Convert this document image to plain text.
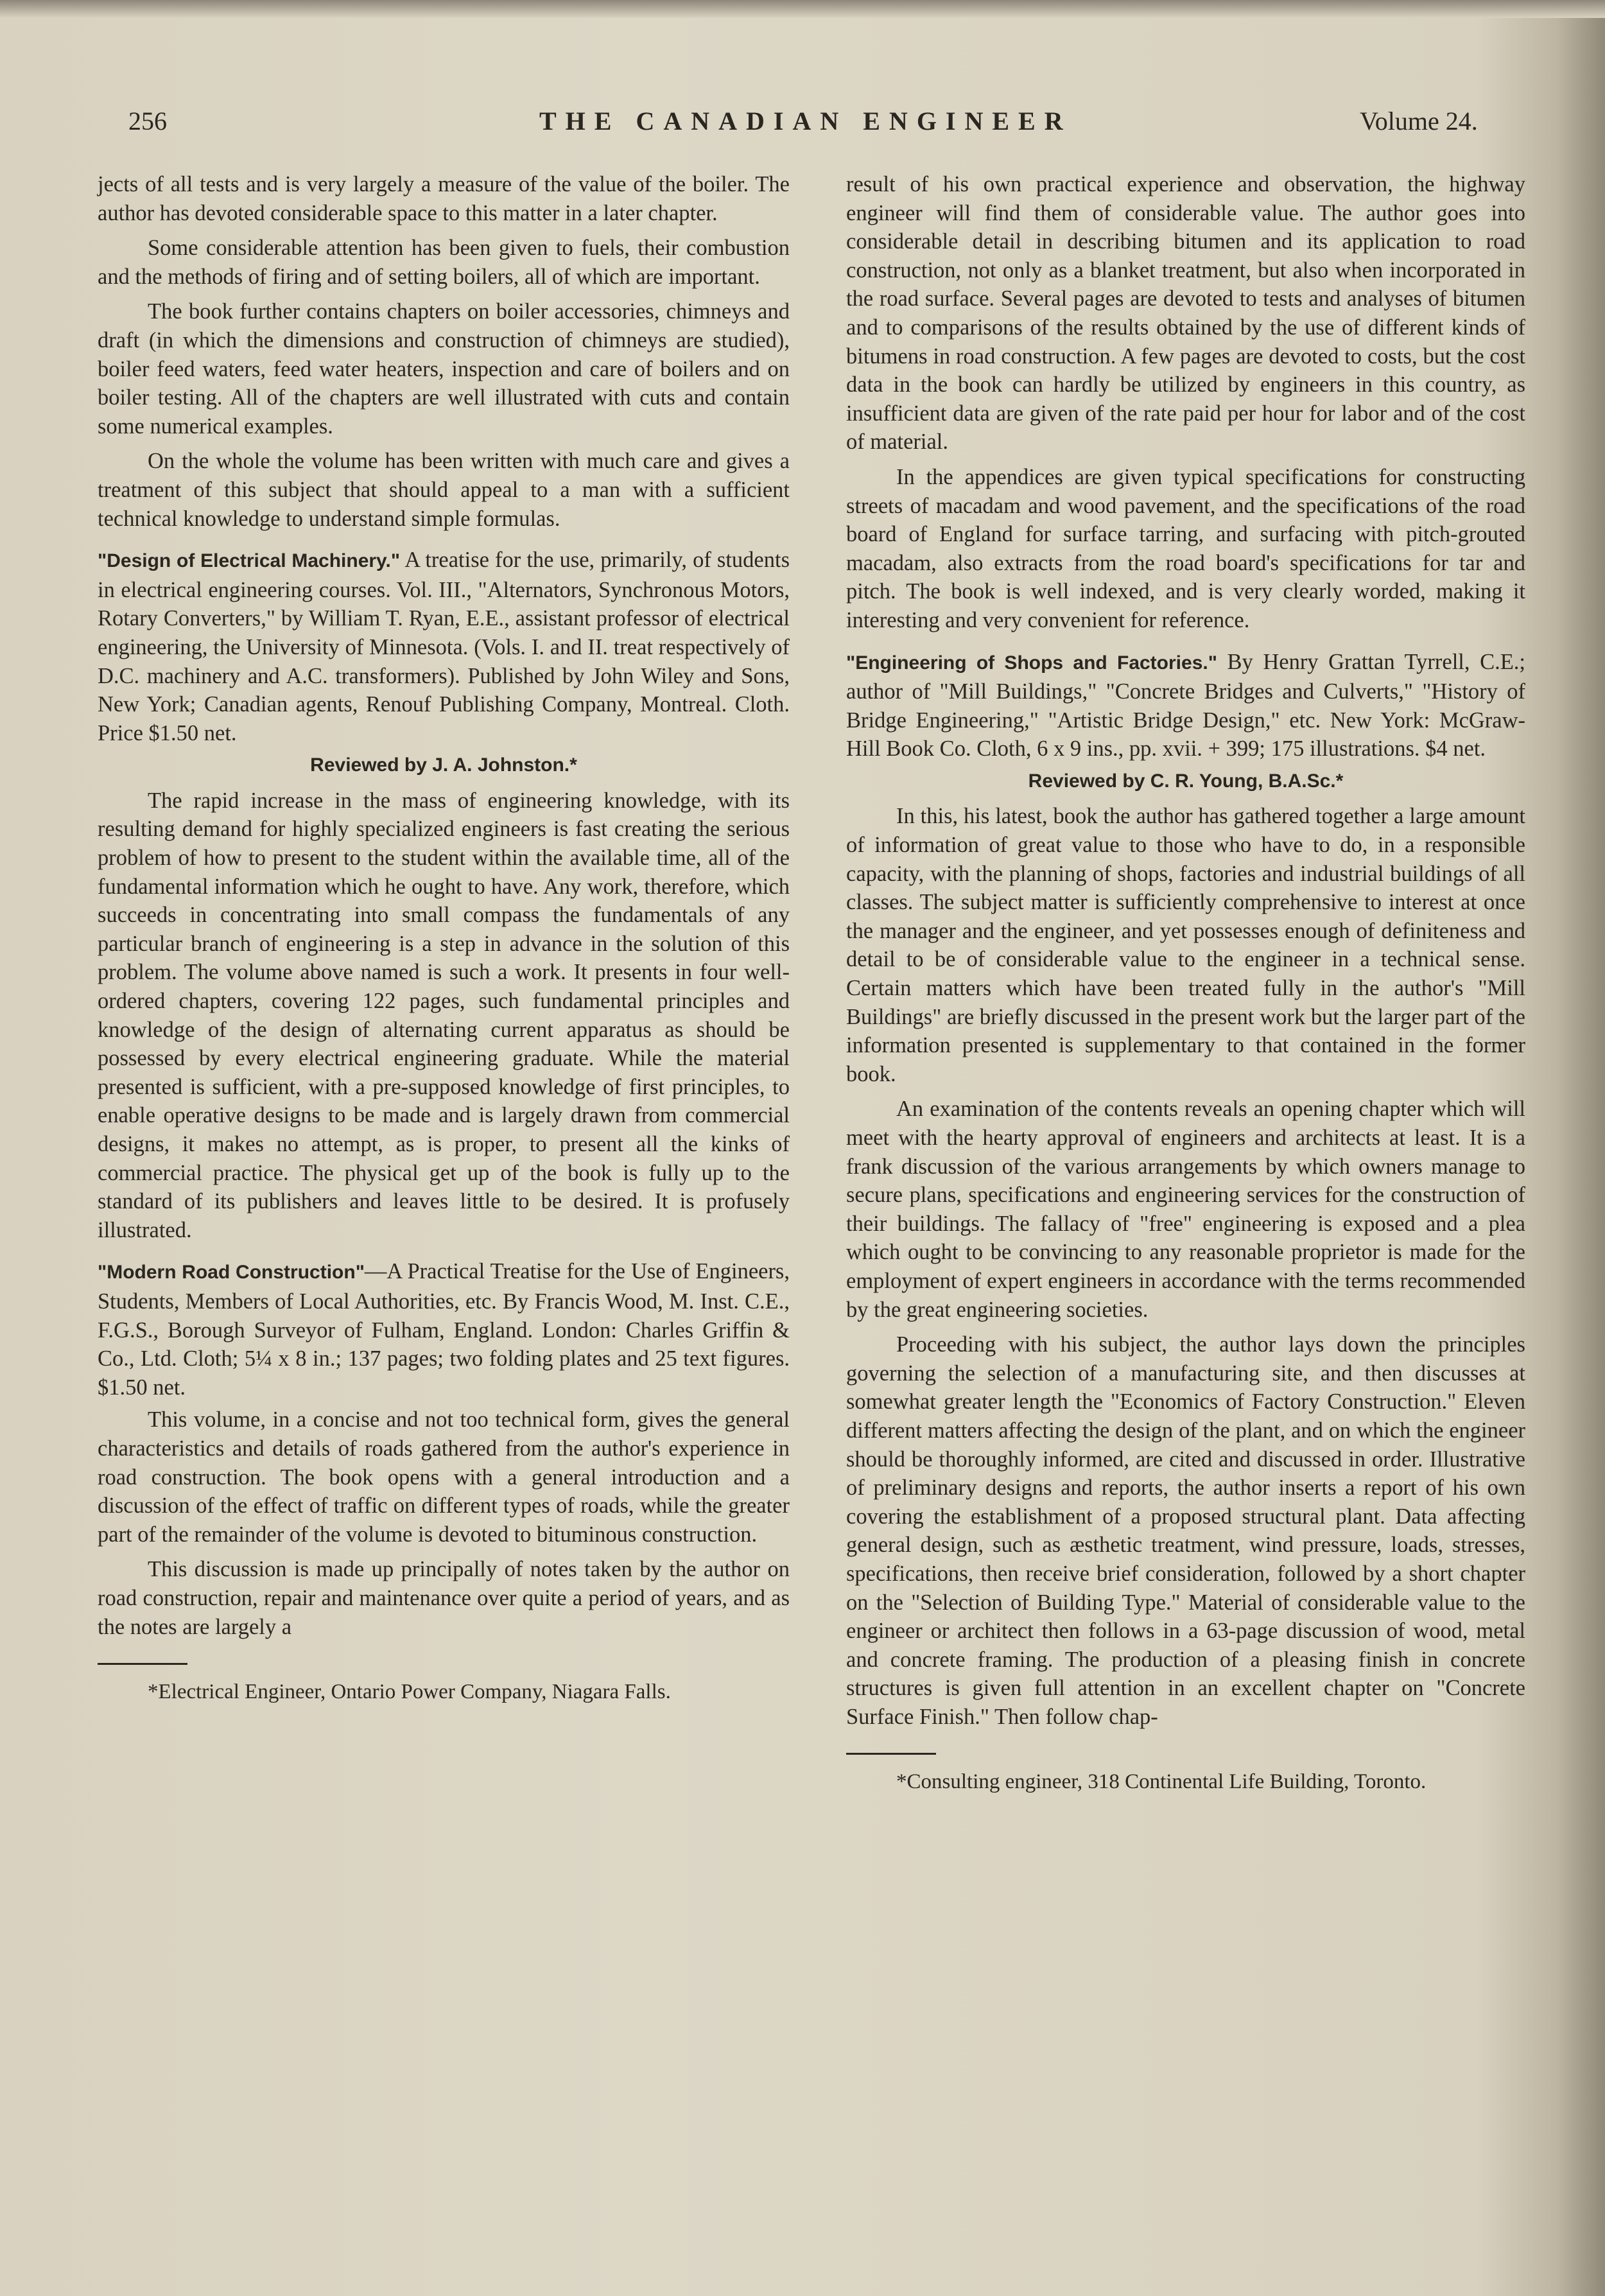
256	THE CANADIAN ENGINEER	Volume 24.

jects of all tests and is very largely a measure of the value of the boiler. The author has devoted considerable space to this matter in a later chapter.

Some considerable attention has been given to fuels, their combustion and the methods of firing and of setting boilers, all of which are important.

The book further contains chapters on boiler accessories, chimneys and draft (in which the dimensions and construction of chimneys are studied), boiler feed waters, feed water heaters, inspection and care of boilers and on boiler testing. All of the chapters are well illustrated with cuts and contain some numerical examples.

On the whole the volume has been written with much care and gives a treatment of this subject that should appeal to a man with a sufficient technical knowledge to understand simple formulas.

"Design of Electrical Machinery." A treatise for the use, primarily, of students in electrical engineering courses. Vol. III., "Alternators, Synchronous Motors, Rotary Converters," by William T. Ryan, E.E., assistant professor of electrical engineering, the University of Minnesota. (Vols. I. and II. treat respectively of D.C. machinery and A.C. transformers). Published by John Wiley and Sons, New York; Canadian agents, Renouf Publishing Company, Montreal. Cloth. Price $1.50 net.
Reviewed by J. A. Johnston.*

The rapid increase in the mass of engineering knowledge, with its resulting demand for highly specialized engineers is fast creating the serious problem of how to present to the student within the available time, all of the fundamental information which he ought to have. Any work, therefore, which succeeds in concentrating into small compass the fundamentals of any particular branch of engineering is a step in advance in the solution of this problem. The volume above named is such a work. It presents in four well-ordered chapters, covering 122 pages, such fundamental principles and knowledge of the design of alternating current apparatus as should be possessed by every electrical engineering graduate. While the material presented is sufficient, with a pre-supposed knowledge of first principles, to enable operative designs to be made and is largely drawn from commercial designs, it makes no attempt, as is proper, to present all the kinks of commercial practice. The physical get up of the book is fully up to the standard of its publishers and leaves little to be desired. It is profusely illustrated.

"Modern Road Construction"—A Practical Treatise for the Use of Engineers, Students, Members of Local Authorities, etc. By Francis Wood, M. Inst. C.E., F.G.S., Borough Surveyor of Fulham, England. London: Charles Griffin & Co., Ltd. Cloth; 5¼ x 8 in.; 137 pages; two folding plates and 25 text figures. $1.50 net.

This volume, in a concise and not too technical form, gives the general characteristics and details of roads gathered from the author's experience in road construction. The book opens with a general introduction and a discussion of the effect of traffic on different types of roads, while the greater part of the remainder of the volume is devoted to bituminous construction.

This discussion is made up principally of notes taken by the author on road construction, repair and maintenance over quite a period of years, and as the notes are largely a

*Electrical Engineer, Ontario Power Company, Niagara Falls.

result of his own practical experience and observation, the highway engineer will find them of considerable value. The author goes into considerable detail in describing bitumen and its application to road construction, not only as a blanket treatment, but also when incorporated in the road surface. Several pages are devoted to tests and analyses of bitumen and to comparisons of the results obtained by the use of different kinds of bitumens in road construction. A few pages are devoted to costs, but the cost data in the book can hardly be utilized by engineers in this country, as insufficient data are given of the rate paid per hour for labor and of the cost of material.

In the appendices are given typical specifications for constructing streets of macadam and wood pavement, and the specifications of the road board of England for surface tarring, and surfacing with pitch-grouted macadam, also extracts from the road board's specifications for tar and pitch. The book is well indexed, and is very clearly worded, making it interesting and very convenient for reference.

"Engineering of Shops and Factories." By Henry Grattan Tyrrell, C.E.; author of "Mill Buildings," "Concrete Bridges and Culverts," "History of Bridge Engineering," "Artistic Bridge Design," etc. New York: McGraw-Hill Book Co. Cloth, 6 x 9 ins., pp. xvii. + 399; 175 illustrations. $4 net.
Reviewed by C. R. Young, B.A.Sc.*

In this, his latest, book the author has gathered together a large amount of information of great value to those who have to do, in a responsible capacity, with the planning of shops, factories and industrial buildings of all classes. The subject matter is sufficiently comprehensive to interest at once the manager and the engineer, and yet possesses enough of definiteness and detail to be of considerable value to the engineer in a technical sense. Certain matters which have been treated fully in the author's "Mill Buildings" are briefly discussed in the present work but the larger part of the information presented is supplementary to that contained in the former book.

An examination of the contents reveals an opening chapter which will meet with the hearty approval of engineers and architects at least. It is a frank discussion of the various arrangements by which owners manage to secure plans, specifications and engineering services for the construction of their buildings. The fallacy of "free" engineering is exposed and a plea which ought to be convincing to any reasonable proprietor is made for the employment of expert engineers in accordance with the terms recommended by the great engineering societies.

Proceeding with his subject, the author lays down the principles governing the selection of a manufacturing site, and then discusses at somewhat greater length the "Economics of Factory Construction." Eleven different matters affecting the design of the plant, and on which the engineer should be thoroughly informed, are cited and discussed in order. Illustrative of preliminary designs and reports, the author inserts a report of his own covering the establishment of a proposed structural plant. Data affecting general design, such as æsthetic treatment, wind pressure, loads, stresses, specifications, then receive brief consideration, followed by a short chapter on the "Selection of Building Type." Material of considerable value to the engineer or architect then follows in a 63-page discussion of wood, metal and concrete framing. The production of a pleasing finish in concrete structures is given full attention in an excellent chapter on "Concrete Surface Finish." Then follow chap-

*Consulting engineer, 318 Continental Life Building, Toronto.
